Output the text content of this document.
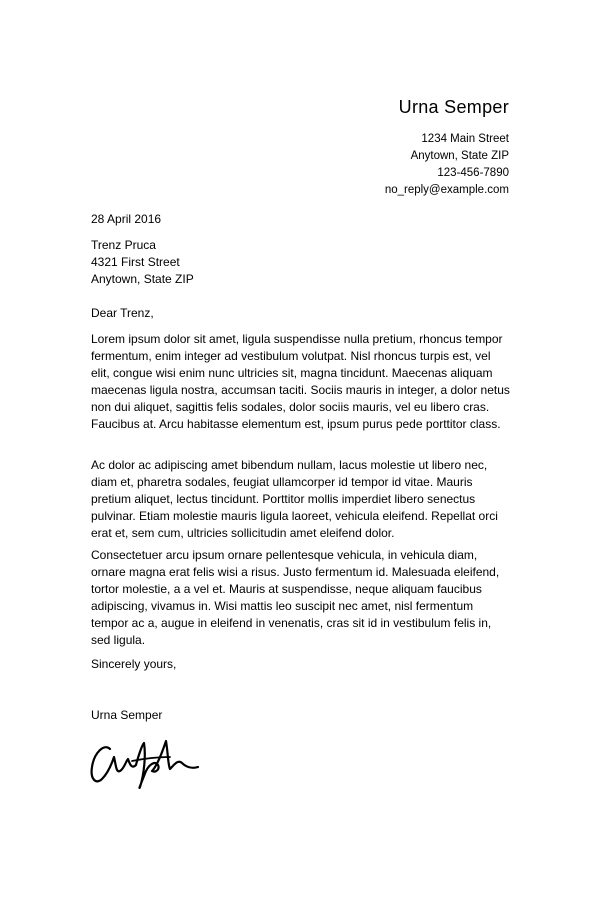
Urna Semper
1234 Main Street
Anytown, State ZIP
123-456-7890
no_reply@example.com
28 April 2016
Trenz Pruca
4321 First Street
Anytown, State ZIP
Dear Trenz,

Lorem ipsum dolor sit amet, ligula suspendisse nulla pretium, rhoncus tempor fermentum, enim integer ad vestibulum volutpat. Nisl rhoncus turpis est, vel elit, congue wisi enim nunc ultricies sit, magna tincidunt. Maecenas aliquam maecenas ligula nostra, accumsan taciti. Sociis mauris in integer, a dolor netus non dui aliquet, sagittis felis sodales, dolor sociis mauris, vel eu libero cras. Faucibus at. Arcu habitasse elementum est, ipsum purus pede porttitor class.

Ac dolor ac adipiscing amet bibendum nullam, lacus molestie ut libero nec, diam et, pharetra sodales, feugiat ullamcorper id tempor id vitae. Mauris pretium aliquet, lectus tincidunt. Porttitor mollis imperdiet libero senectus pulvinar. Etiam molestie mauris ligula laoreet, vehicula eleifend. Repellat orci erat et, sem cum, ultricies sollicitudin amet eleifend dolor.

Consectetuer arcu ipsum ornare pellentesque vehicula, in vehicula diam, ornare magna erat felis wisi a risus. Justo fermentum id. Malesuada eleifend, tortor molestie, a a vel et. Mauris at suspendisse, neque aliquam faucibus adipiscing, vivamus in. Wisi mattis leo suscipit nec amet, nisl fermentum tempor ac a, augue in eleifend in venenatis, cras sit id in vestibulum felis in, sed ligula.

Sincerely yours,
Urna Semper
